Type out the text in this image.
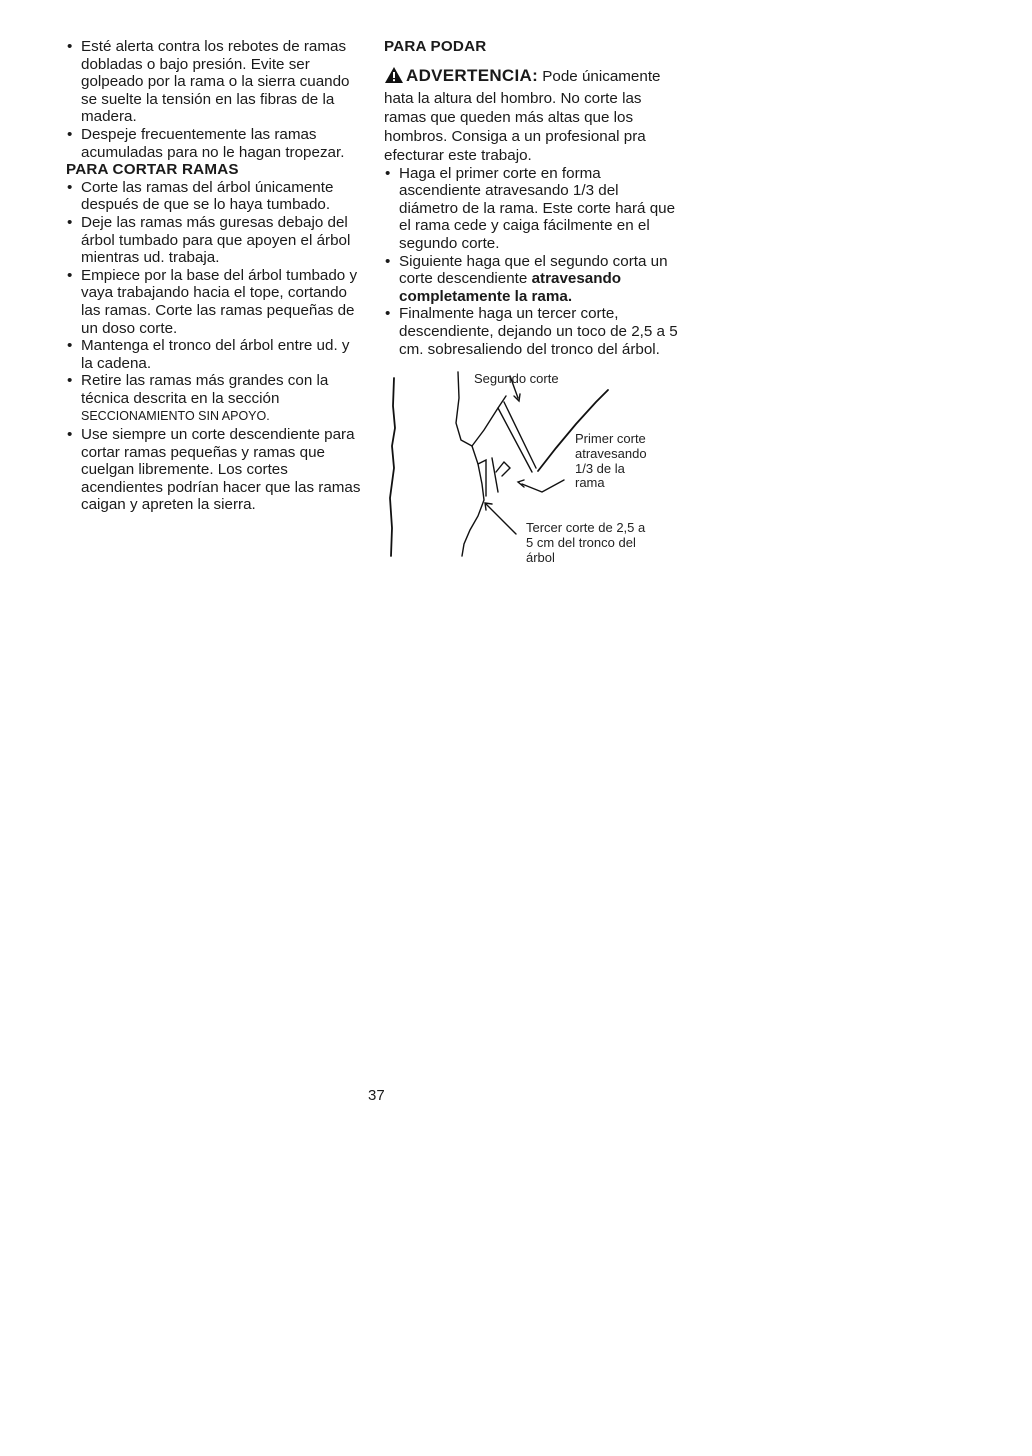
• Esté alerta contra los rebotes de ramas dobladas o bajo presión. Evite ser golpeado por la rama o la sierra cuando se suelte la tensión en las fibras de la madera.
• Despeje frecuentemente las ramas acumuladas para no le hagan tropezar.
PARA CORTAR RAMAS
• Corte las ramas del árbol únicamente después de que se lo haya tumbado.
• Deje las ramas más guresas debajo del árbol tumbado para que apoyen el árbol mientras ud. trabaja.
• Empiece por la base del árbol tumbado y vaya trabajando hacia el tope, cortando las ramas. Corte las ramas pequeñas de un doso corte.
• Mantenga el tronco del árbol entre ud. y la cadena.
• Retire las ramas más grandes con la técnica descrita en la sección SECCIONAMIENTO SIN APOYO.
• Use siempre un corte descendiente para cortar ramas pequeñas y ramas que cuelgan libremente. Los cortes acendientes podrían hacer que las ramas caigan y apreten la sierra.
PARA PODAR
ADVERTENCIA: Pode únicamente hata la altura del hombro. No corte las ramas que queden más altas que los hombros. Consiga a un profesional pra efecturar este trabajo.
• Haga el primer corte en forma ascendiente atravesando 1/3 del diámetro de la rama. Este corte hará que el rama cede y caiga fácilmente en el segundo corte.
• Siguiente haga que el segundo corta un corte descendiente atravesando completamente la rama.
• Finalmente haga un tercer corte, descendiente, dejando un toco de 2,5 a 5 cm. sobresaliendo del tronco del árbol.
Segundo corte
Primer corte
atravesando
1/3 de la
rama
Tercer corte de 2,5 a
5 cm del tronco del
árbol
37
